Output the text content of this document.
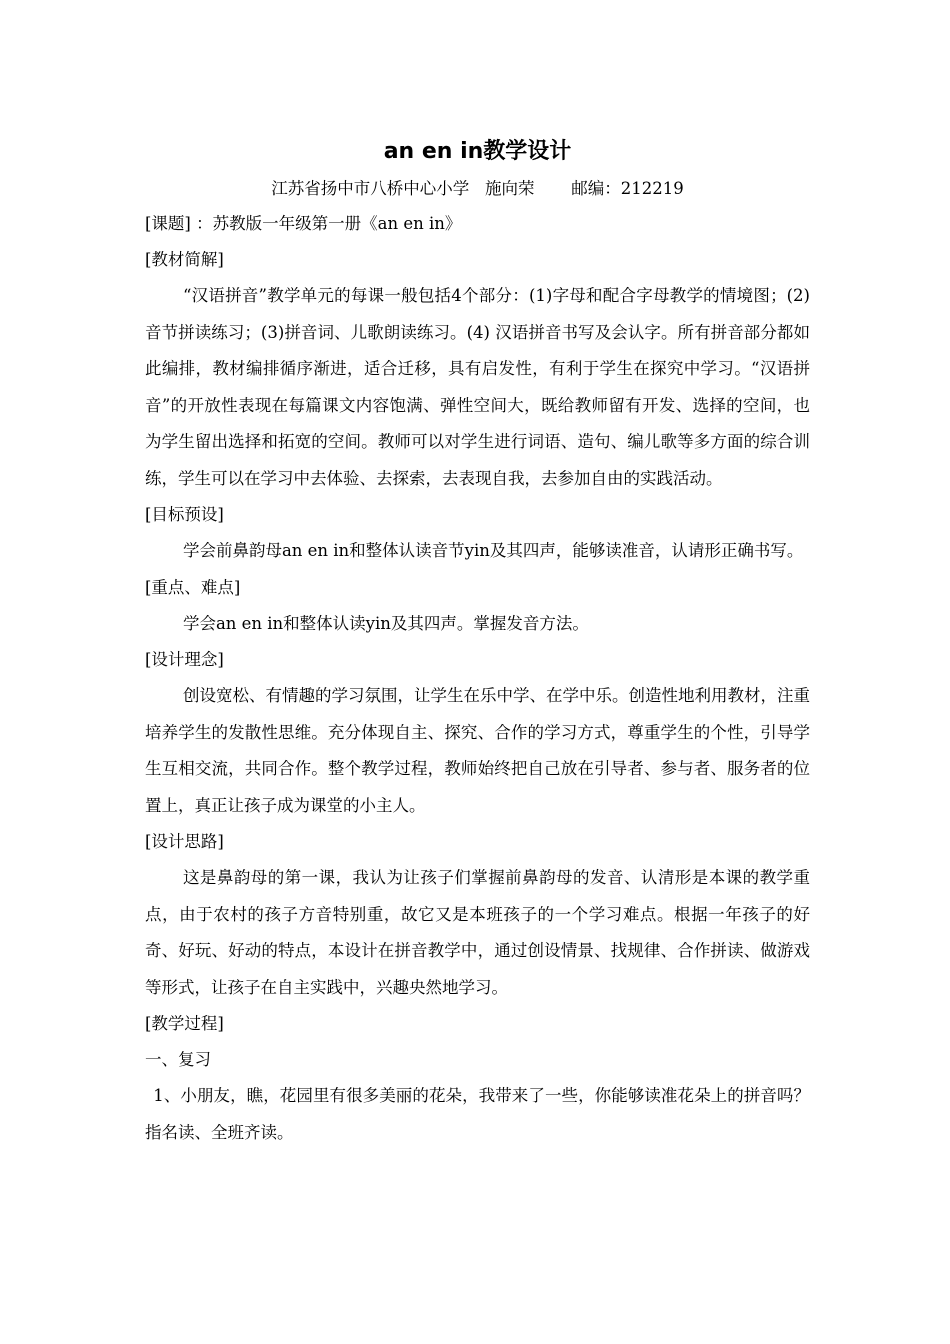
an en in教学设计

江苏省扬中市八桥中心小学   施向荣       邮编：212219

[课题] ：苏教版一年级第一册《an en in》

[教材简解]

“汉语拼音”教学单元的每课一般包括4个部分：(1)字母和配合字母教学的情境图；(2)音节拼读练习；(3)拼音词、儿歌朗读练习。(4) 汉语拼音书写及会认字。所有拼音部分都如此编排，教材编排循序渐进，适合迁移，具有启发性，有利于学生在探究中学习。“汉语拼音”的开放性表现在每篇课文内容饱满、弹性空间大，既给教师留有开发、选择的空间，也为学生留出选择和拓宽的空间。教师可以对学生进行词语、造句、编儿歌等多方面的综合训练，学生可以在学习中去体验、去探索，去表现自我，去参加自由的实践活动。

[目标预设]

学会前鼻韵母an en in和整体认读音节yin及其四声，能够读准音，认请形正确书写。

[重点、难点]

学会an en in和整体认读yin及其四声。掌握发音方法。

[设计理念]

创设宽松、有情趣的学习氛围，让学生在乐中学、在学中乐。创造性地利用教材，注重培养学生的发散性思维。充分体现自主、探究、合作的学习方式，尊重学生的个性，引导学生互相交流，共同合作。整个教学过程，教师始终把自己放在引导者、参与者、服务者的位置上，真正让孩子成为课堂的小主人。

[设计思路]

这是鼻韵母的第一课，我认为让孩子们掌握前鼻韵母的发音、认清形是本课的教学重点，由于农村的孩子方音特别重，故它又是本班孩子的一个学习难点。根据一年孩子的好奇、好玩、好动的特点，本设计在拼音教学中，通过创设情景、找规律、合作拼读、做游戏等形式，让孩子在自主实践中，兴趣央然地学习。

[教学过程]

一、复习

1、小朋友，瞧，花园里有很多美丽的花朵，我带来了一些，你能够读准花朵上的拼音吗？指名读、全班齐读。
